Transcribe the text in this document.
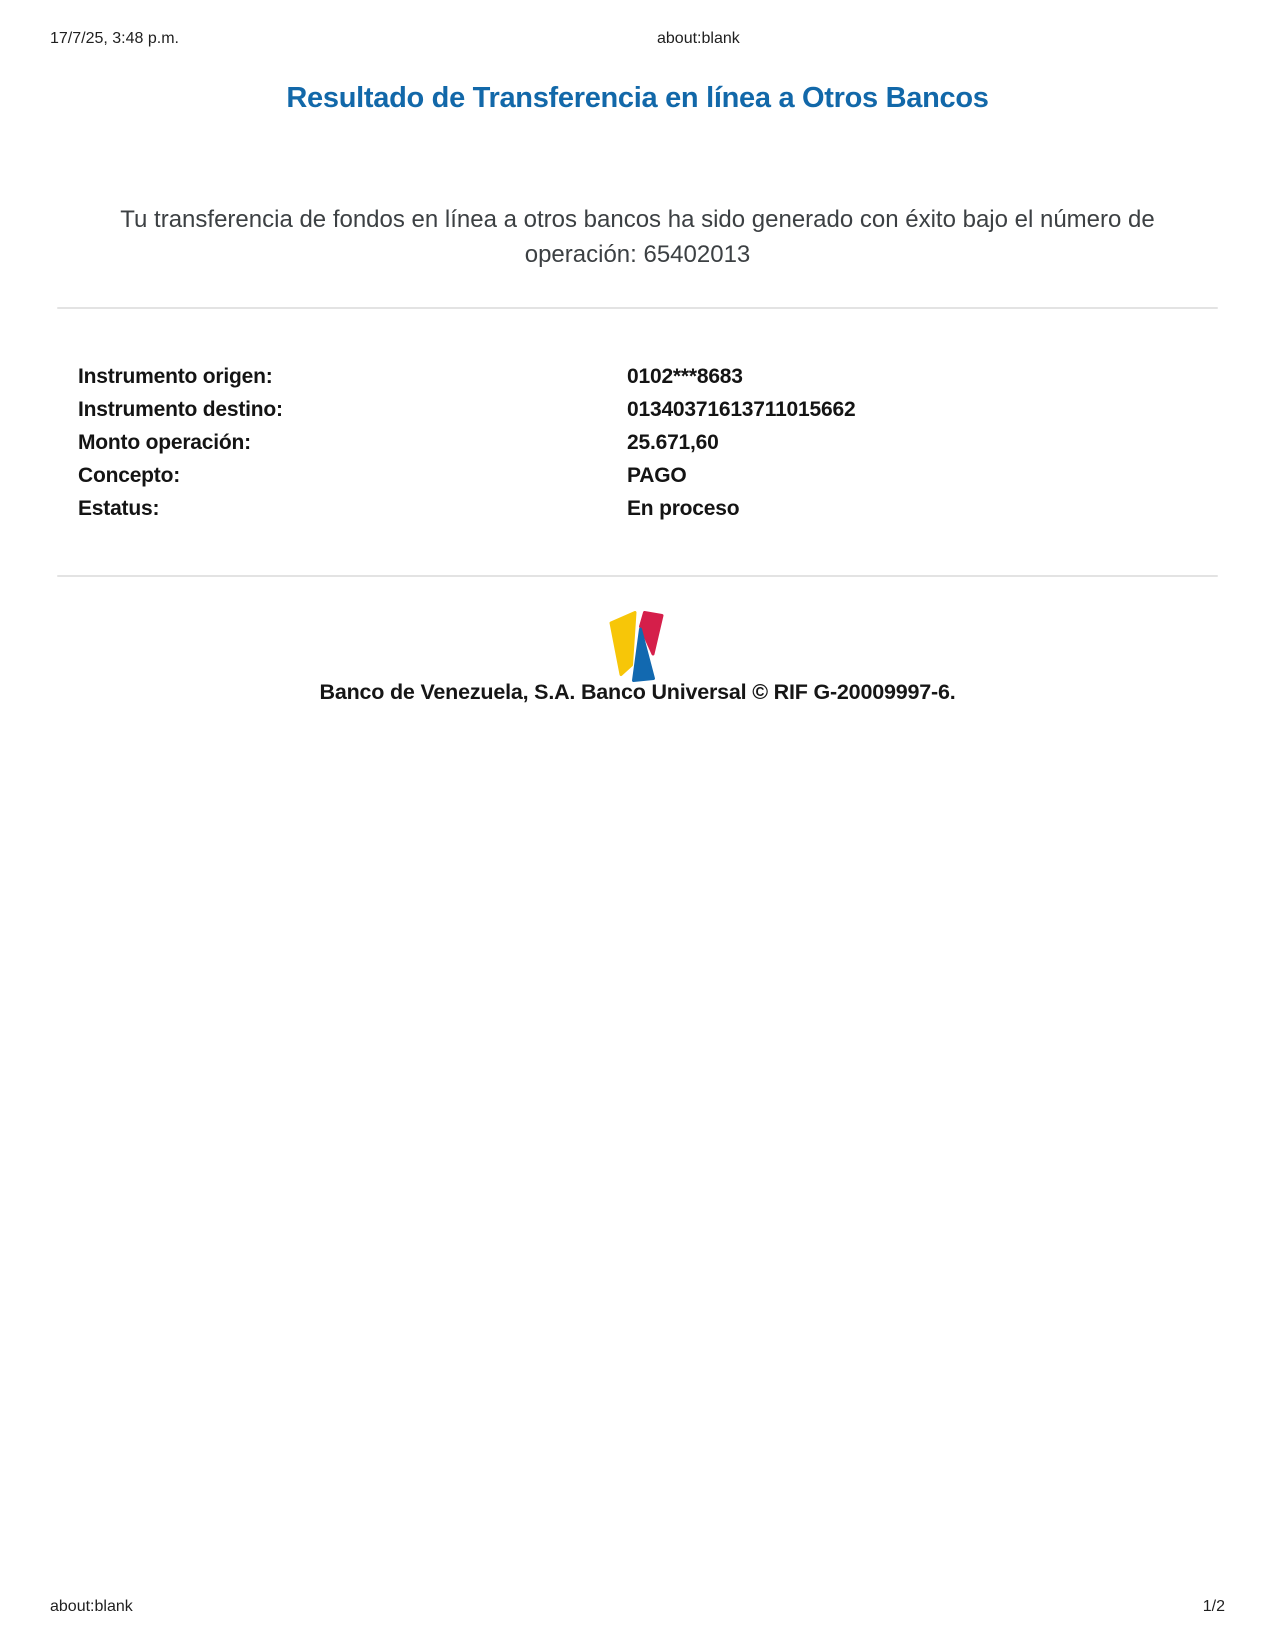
17/7/25, 3:48 p.m.	about:blank
Resultado de Transferencia en línea a Otros Bancos
Tu transferencia de fondos en línea a otros bancos ha sido generado con éxito bajo el número de
operación: 65402013
Instrumento origen:	0102***8683
Instrumento destino:	01340371613711015662
Monto operación:	25.671,60
Concepto:	PAGO
Estatus:	En proceso
Banco de Venezuela, S.A. Banco Universal © RIF G-20009997-6.
about:blank	1/2
